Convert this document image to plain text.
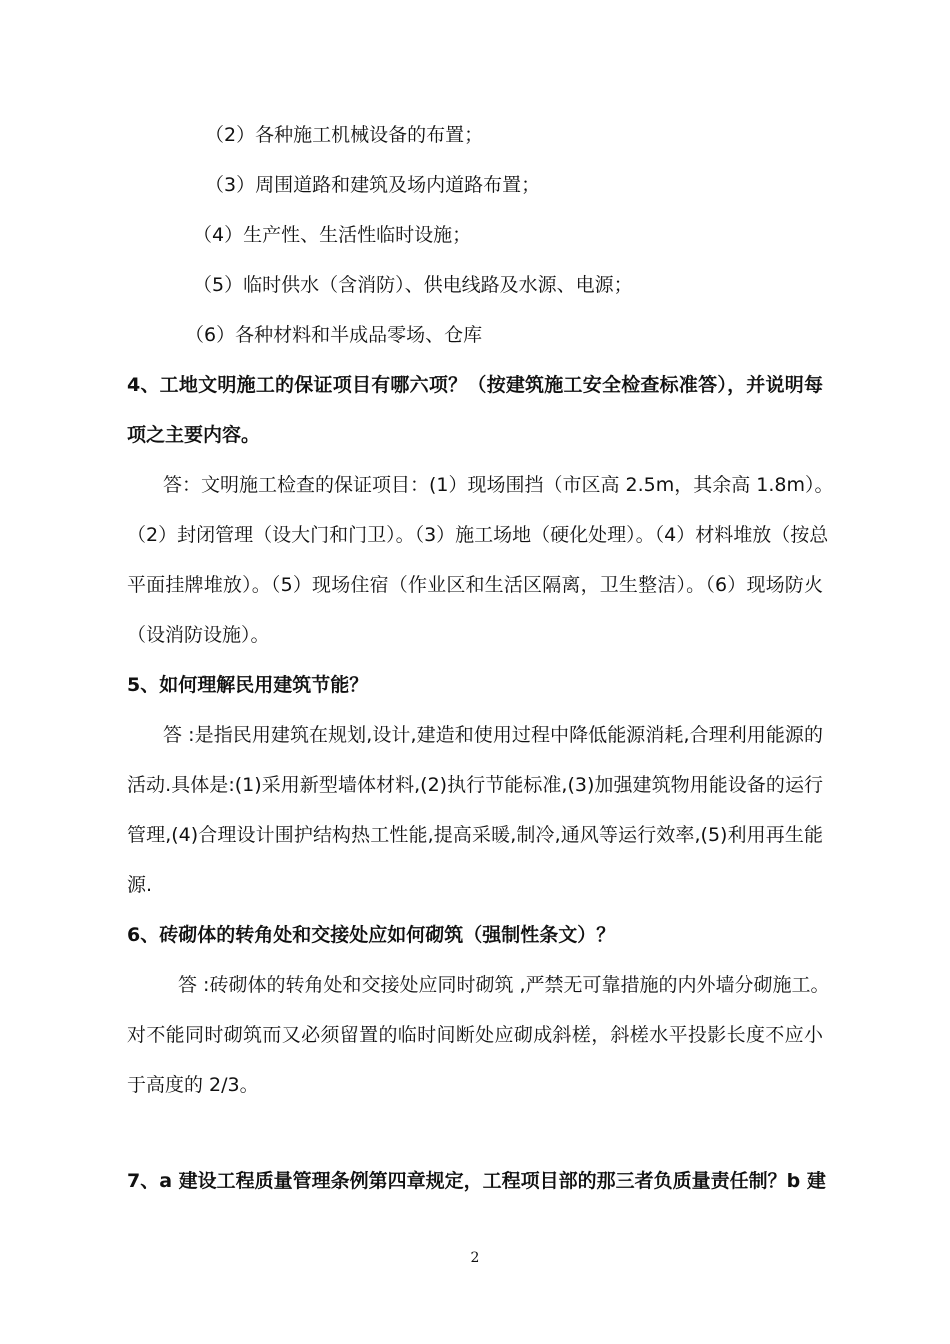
（2）各种施工机械设备的布置；
（3）周围道路和建筑及场内道路布置；
（4）生产性、生活性临时设施；
（5）临时供水（含消防）、供电线路及水源、电源；
（6）各种材料和半成品零场、仓库
4、工地文明施工的保证项目有哪六项？（按建筑施工安全检查标准答），并说明每
项之主要内容。
答：文明施工检查的保证项目：(1）现场围挡（市区高 2.5m，其余高 1.8m）。
（2）封闭管理（设大门和门卫）。（3）施工场地（硬化处理）。（4）材料堆放（按总
平面挂牌堆放）。（5）现场住宿（作业区和生活区隔离，卫生整洁）。（6）现场防火
（设消防设施）。
5、如何理解民用建筑节能？
答 :是指民用建筑在规划,设计,建造和使用过程中降低能源消耗,合理利用能源的
活动.具体是:(1)采用新型墙体材料,(2)执行节能标准,(3)加强建筑物用能设备的运行
管理,(4)合理设计围护结构热工性能,提高采暖,制冷,通风等运行效率,(5)利用再生能
源.
6、砖砌体的转角处和交接处应如何砌筑（强制性条文）？
答 :砖砌体的转角处和交接处应同时砌筑 ,严禁无可靠措施的内外墙分砌施工。
对不能同时砌筑而又必须留置的临时间断处应砌成斜槎，斜槎水平投影长度不应小
于高度的 2/3。
7、a 建设工程质量管理条例第四章规定，工程项目部的那三者负质量责任制？b 建
2
